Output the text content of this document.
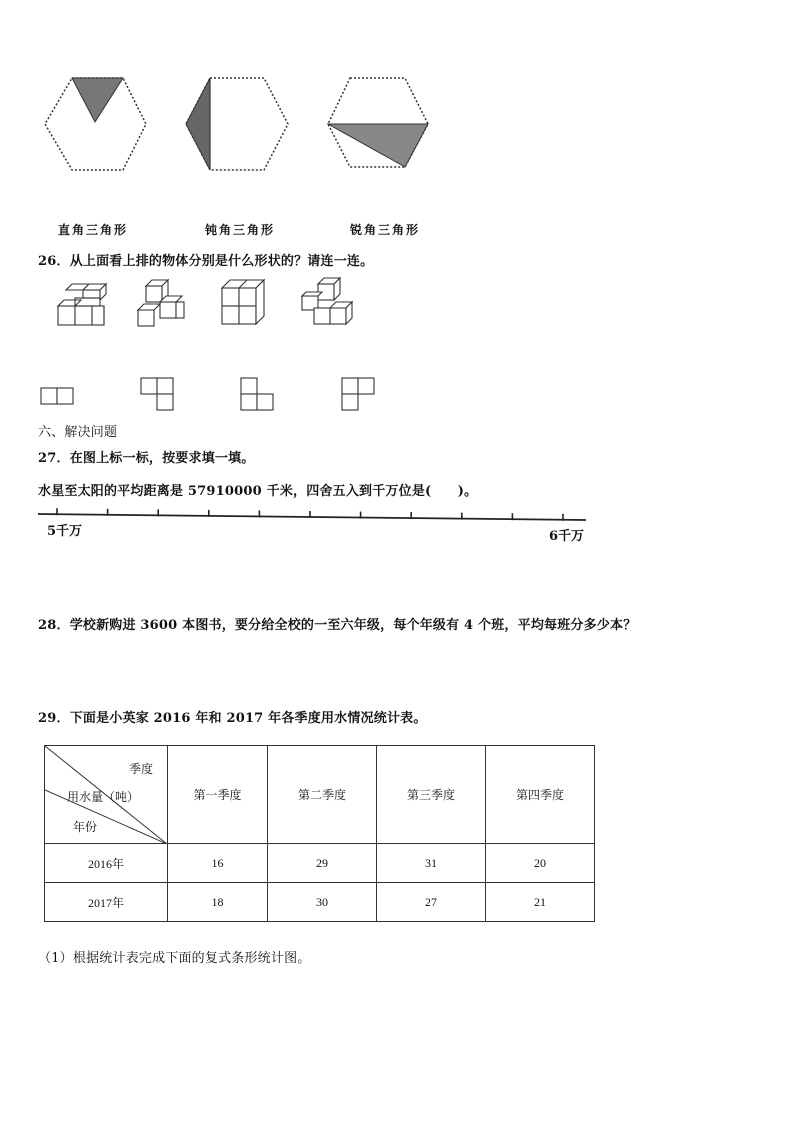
直角三角形	钝角三角形	锐角三角形
26．从上面看上排的物体分别是什么形状的？请连一连。
六、解决问题
27．在图上标一标，按要求填一填。
水星至太阳的平均距离是 57910000 千米，四舍五入到千万位是(　　)。
5千万	6千万
28．学校新购进 3600 本图书，要分给全校的一至六年级，每个年级有 4 个班，平均每班分多少本？
29．下面是小英家 2016 年和 2017 年各季度用水情况统计表。
季度
用水量（吨）
年份	第一季度	第二季度	第三季度	第四季度
2016年	16	29	31	20
2017年	18	30	27	21
（1）根据统计表完成下面的复式条形统计图。
